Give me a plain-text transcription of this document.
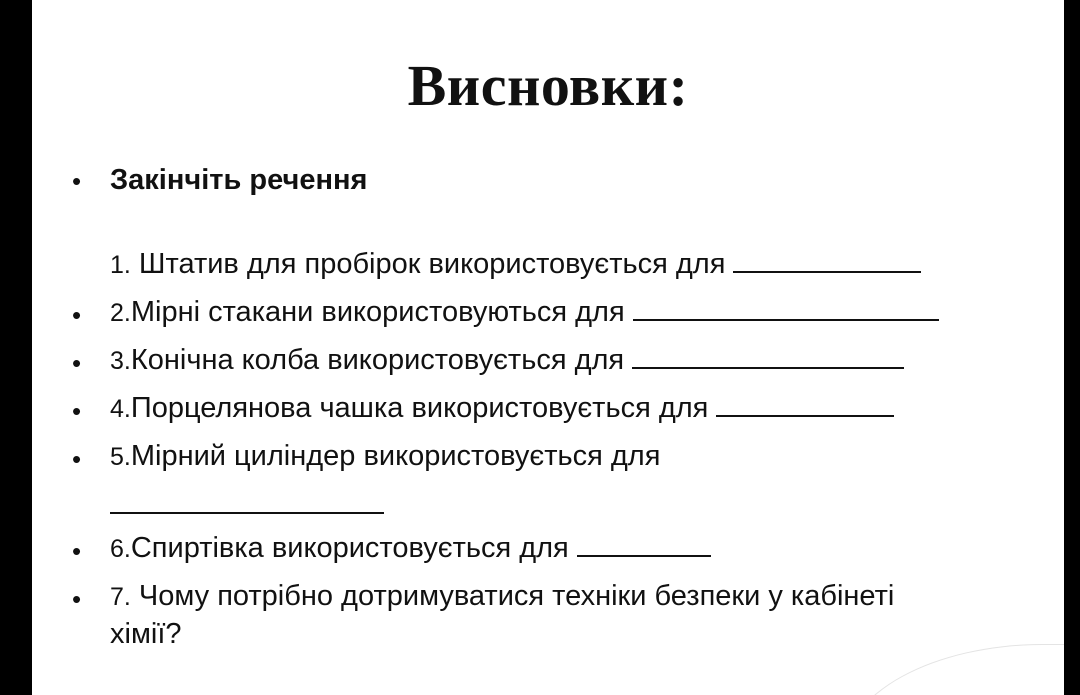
Висновки:
• Закінчіть речення
1. Штатив для пробірок використовується для
• 2.Мірні стакани використовуються для
• 3.Конічна колба використовується для
• 4.Порцелянова чашка використовується для
• 5.Мірний циліндер використовується для
• 6.Спиртівка використовується для
• 7. Чому потрібно дотримуватися техніки безпеки у кабінеті
хімії?
